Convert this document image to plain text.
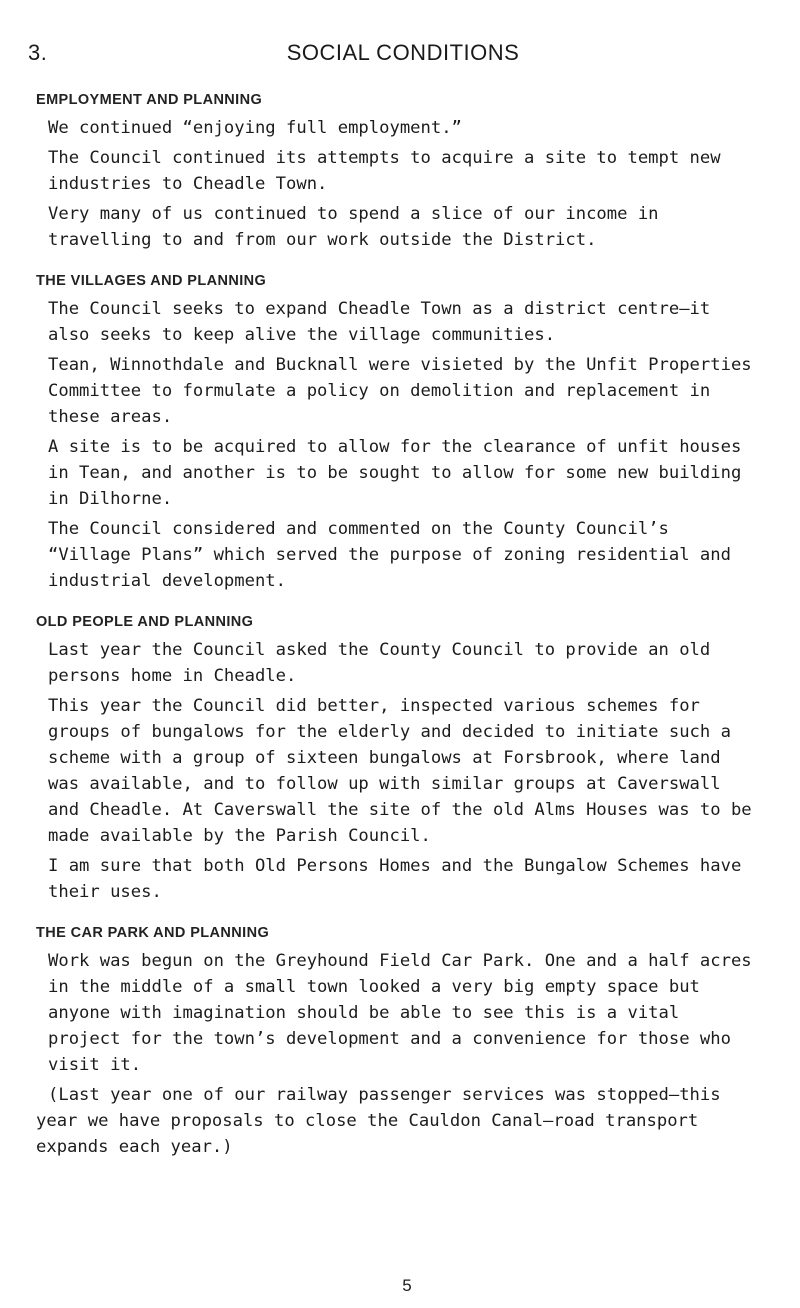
3.	SOCIAL CONDITIONS
EMPLOYMENT AND PLANNING

We continued “enjoying full employment.”

The Council continued its attempts to acquire a site to tempt new industries to Cheadle Town.

Very many of us continued to spend a slice of our income in travelling to and from our work outside the District.

THE VILLAGES AND PLANNING

The Council seeks to expand Cheadle Town as a district centre—it also seeks to keep alive the village communities.

Tean, Winnothdale and Bucknall were visieted by the Unfit Properties Committee to formulate a policy on demolition and replacement in these areas.

A site is to be acquired to allow for the clearance of unfit houses in Tean, and another is to be sought to allow for some new building in Dilhorne.

The Council considered and commented on the County Council’s “Village Plans” which served the purpose of zoning residential and industrial development.

OLD PEOPLE AND PLANNING

Last year the Council asked the County Council to provide an old persons home in Cheadle.

This year the Council did better, inspected various schemes for groups of bungalows for the elderly and decided to initiate such a scheme with a group of sixteen bungalows at Forsbrook, where land was available, and to follow up with similar groups at Caverswall and Cheadle. At Caverswall the site of the old Alms Houses was to be made available by the Parish Council.

I am sure that both Old Persons Homes and the Bungalow Schemes have their uses.

THE CAR PARK AND PLANNING

Work was begun on the Greyhound Field Car Park. One and a half acres in the middle of a small town looked a very big empty space but anyone with imagination should be able to see this is a vital project for the town’s development and a convenience for those who visit it.

(Last year one of our railway passenger services was stopped—this year we have proposals to close the Cauldon Canal—road transport expands each year.)

5
